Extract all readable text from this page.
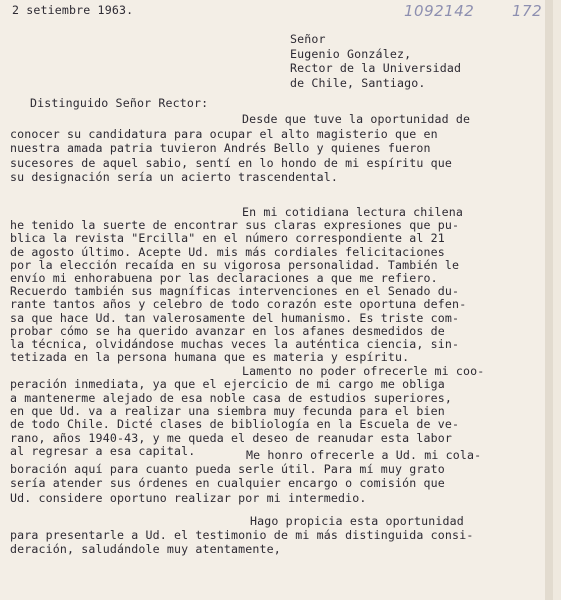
2 setiembre 1963.
Señor
Eugenio González,
Rector de la Universidad
de Chile, Santiago.
Distinguido Señor Rector:
Desde que tuve la oportunidad de
conocer su candidatura para ocupar el alto magisterio que en
nuestra amada patria tuvieron Andrés Bello y quienes fueron
sucesores de aquel sabio, sentí en lo hondo de mi espíritu que
su designación sería un acierto trascendental.
En mi cotidiana lectura chilena
he tenido la suerte de encontrar sus claras expresiones que pu-
blica la revista "Ercilla" en el número correspondiente al 21
de agosto último. Acepte Ud. mis más cordiales felicitaciones
por la elección recaída en su vigorosa personalidad. También le
envío mi enhorabuena por las declaraciones a que me refiero.
Recuerdo también sus magníficas intervenciones en el Senado du-
rante tantos años y celebro de todo corazón este oportuna defen-
sa que hace Ud. tan valerosamente del humanismo. Es triste com-
probar cómo se ha querido avanzar en los afanes desmedidos de
la técnica, olvidándose muchas veces la auténtica ciencia, sin-
tetizada en la persona humana que es materia y espíritu.
Lamento no poder ofrecerle mi coo-
peración inmediata, ya que el ejercicio de mi cargo me obliga
a mantenerme alejado de esa noble casa de estudios superiores,
en que Ud. va a realizar una siembra muy fecunda para el bien
de todo Chile. Dicté clases de bibliología en la Escuela de ve-
rano, años 1940-43, y me queda el deseo de reanudar esta labor
al regresar a esa capital.	Me honro ofrecerle a Ud. mi cola-
boración aquí para cuanto pueda serle útil. Para mí muy grato
sería atender sus órdenes en cualquier encargo o comisión que
Ud. considere oportuno realizar por mi intermedio.
Hago propicia esta oportunidad
para presentarle a Ud. el testimonio de mi más distinguida consi-
deración, saludándole muy atentamente,
1092142	172
